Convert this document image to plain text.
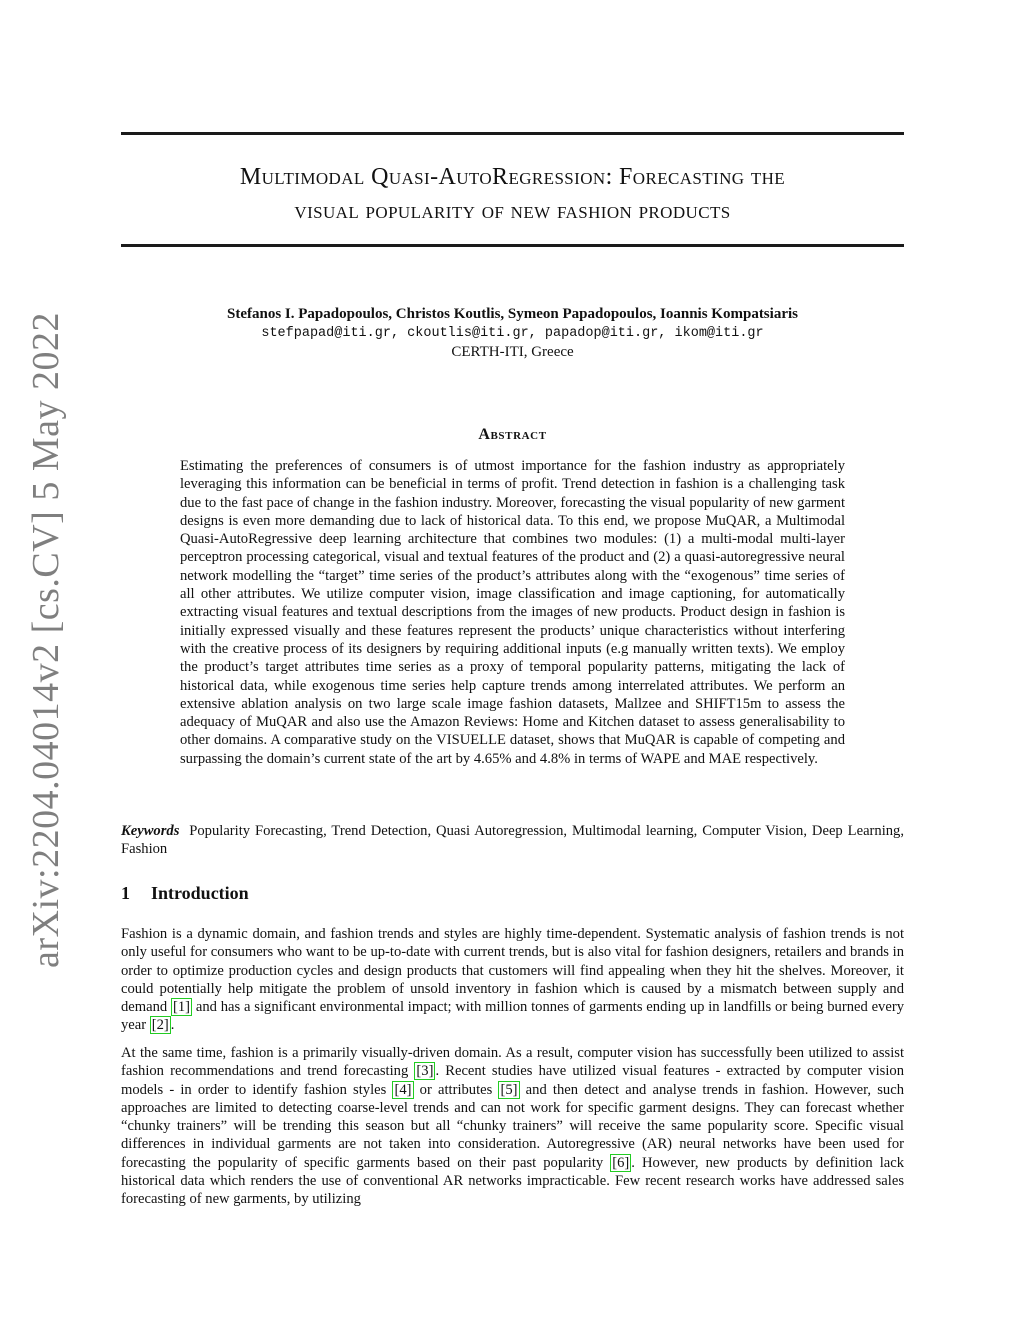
arXiv:2204.04014v2 [cs.CV] 5 May 2022
Multimodal Quasi-AutoRegression: Forecasting the
visual popularity of new fashion products
Stefanos I. Papadopoulos, Christos Koutlis, Symeon Papadopoulos, Ioannis Kompatsiaris
stefpapad@iti.gr, ckoutlis@iti.gr, papadop@iti.gr, ikom@iti.gr
CERTH-ITI, Greece
Abstract

Estimating the preferences of consumers is of utmost importance for the fashion industry as appropriately leveraging this information can be beneficial in terms of profit. Trend detection in fashion is a challenging task due to the fast pace of change in the fashion industry. Moreover, forecasting the visual popularity of new garment designs is even more demanding due to lack of historical data. To this end, we propose MuQAR, a Multimodal Quasi-AutoRegressive deep learning architecture that combines two modules: (1) a multi-modal multi-layer perceptron processing categorical, visual and textual features of the product and (2) a quasi-autoregressive neural network modelling the “target” time series of the product’s attributes along with the “exogenous” time series of all other attributes. We utilize computer vision, image classification and image captioning, for automatically extracting visual features and textual descriptions from the images of new products. Product design in fashion is initially expressed visually and these features represent the products’ unique characteristics without interfering with the creative process of its designers by requiring additional inputs (e.g manually written texts). We employ the product’s target attributes time series as a proxy of temporal popularity patterns, mitigating the lack of historical data, while exogenous time series help capture trends among interrelated attributes. We perform an extensive ablation analysis on two large scale image fashion datasets, Mallzee and SHIFT15m to assess the adequacy of MuQAR and also use the Amazon Reviews: Home and Kitchen dataset to assess generalisability to other domains. A comparative study on the VISUELLE dataset, shows that MuQAR is capable of competing and surpassing the domain’s current state of the art by 4.65% and 4.8% in terms of WAPE and MAE respectively.

Keywords Popularity Forecasting, Trend Detection, Quasi Autoregression, Multimodal learning, Computer Vision, Deep Learning, Fashion

1 Introduction

Fashion is a dynamic domain, and fashion trends and styles are highly time-dependent. Systematic analysis of fashion trends is not only useful for consumers who want to be up-to-date with current trends, but is also vital for fashion designers, retailers and brands in order to optimize production cycles and design products that customers will find appealing when they hit the shelves. Moreover, it could potentially help mitigate the problem of unsold inventory in fashion which is caused by a mismatch between supply and demand [1] and has a significant environmental impact; with million tonnes of garments ending up in landfills or being burned every year [2] .

At the same time, fashion is a primarily visually-driven domain. As a result, computer vision has successfully been utilized to assist fashion recommendations and trend forecasting [3] . Recent studies have utilized visual features - extracted by computer vision models - in order to identify fashion styles [4] or attributes [5] and then detect and analyse trends in fashion. However, such approaches are limited to detecting coarse-level trends and can not work for specific garment designs. They can forecast whether “chunky trainers” will be trending this season but all “chunky trainers” will receive the same popularity score. Specific visual differences in individual garments are not taken into consideration. Autoregressive (AR) neural networks have been used for forecasting the popularity of specific garments based on their past popularity [6] . However, new products by definition lack historical data which renders the use of conventional AR networks impracticable. Few recent research works have addressed sales forecasting of new garments, by utilizing
